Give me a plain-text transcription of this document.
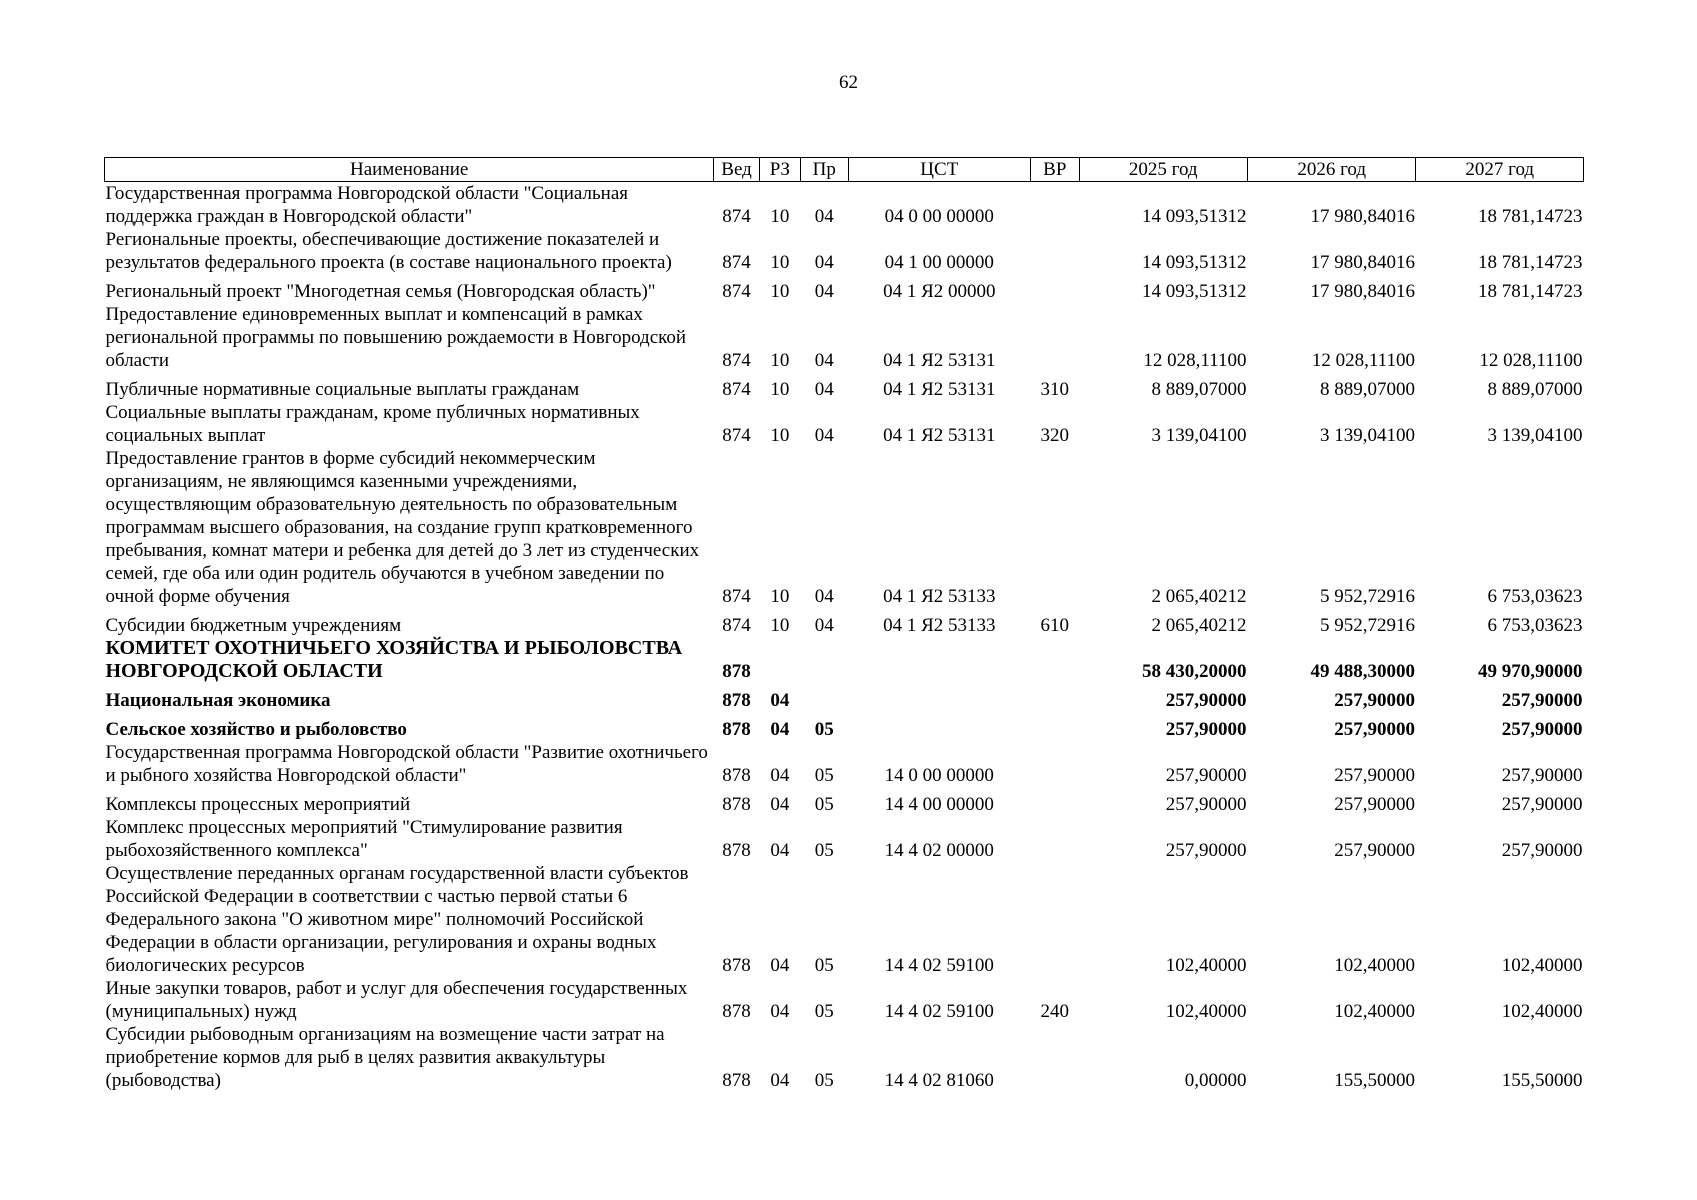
62
Наименование	Вед	РЗ	Пр	ЦСТ	ВР	2025 год	2026 год	2027 год
Государственная программа Новгородской области "Социальная поддержка граждан в Новгородской области"	874	10	04	04 0 00 00000		14 093,51312	17 980,84016	18 781,14723
Региональные проекты, обеспечивающие достижение показателей и результатов федерального проекта (в составе национального проекта)	874	10	04	04 1 00 00000		14 093,51312	17 980,84016	18 781,14723
Региональный проект "Многодетная семья (Новгородская область)"	874	10	04	04 1 Я2 00000		14 093,51312	17 980,84016	18 781,14723
Предоставление единовременных выплат и компенсаций в рамках региональной программы по повышению рождаемости в Новгородской области	874	10	04	04 1 Я2 53131		12 028,11100	12 028,11100	12 028,11100
Публичные нормативные социальные выплаты гражданам	874	10	04	04 1 Я2 53131	310	8 889,07000	8 889,07000	8 889,07000
Социальные выплаты гражданам, кроме публичных нормативных социальных выплат	874	10	04	04 1 Я2 53131	320	3 139,04100	3 139,04100	3 139,04100
Предоставление грантов в форме субсидий некоммерческим организациям, не являющимся казенными учреждениями, осуществляющим образовательную деятельность по образовательным программам высшего образования, на создание групп кратковременного пребывания, комнат матери и ребенка для детей до 3 лет из студенческих семей, где оба или один родитель обучаются в учебном заведении по очной форме обучения	874	10	04	04 1 Я2 53133		2 065,40212	5 952,72916	6 753,03623
Субсидии бюджетным учреждениям	874	10	04	04 1 Я2 53133	610	2 065,40212	5 952,72916	6 753,03623
КОМИТЕТ ОХОТНИЧЬЕГО ХОЗЯЙСТВА И РЫБОЛОВСТВА НОВГОРОДСКОЙ ОБЛАСТИ	878					58 430,20000	49 488,30000	49 970,90000
Национальная экономика	878	04				257,90000	257,90000	257,90000
Сельское хозяйство и рыболовство	878	04	05			257,90000	257,90000	257,90000
Государственная программа Новгородской области "Развитие охотничьего и рыбного хозяйства Новгородской области"	878	04	05	14 0 00 00000		257,90000	257,90000	257,90000
Комплексы процессных мероприятий	878	04	05	14 4 00 00000		257,90000	257,90000	257,90000
Комплекс процессных мероприятий "Стимулирование развития рыбохозяйственного комплекса"	878	04	05	14 4 02 00000		257,90000	257,90000	257,90000
Осуществление переданных органам государственной власти субъектов Российской Федерации в соответствии с частью первой статьи 6 Федерального закона "О животном мире" полномочий Российской Федерации в области организации, регулирования и охраны водных биологических ресурсов	878	04	05	14 4 02 59100		102,40000	102,40000	102,40000
Иные закупки товаров, работ и услуг для обеспечения государственных (муниципальных) нужд	878	04	05	14 4 02 59100	240	102,40000	102,40000	102,40000
Субсидии рыбоводным организациям на возмещение части затрат на приобретение кормов для рыб в целях развития аквакультуры (рыбоводства)	878	04	05	14 4 02 81060		0,00000	155,50000	155,50000
